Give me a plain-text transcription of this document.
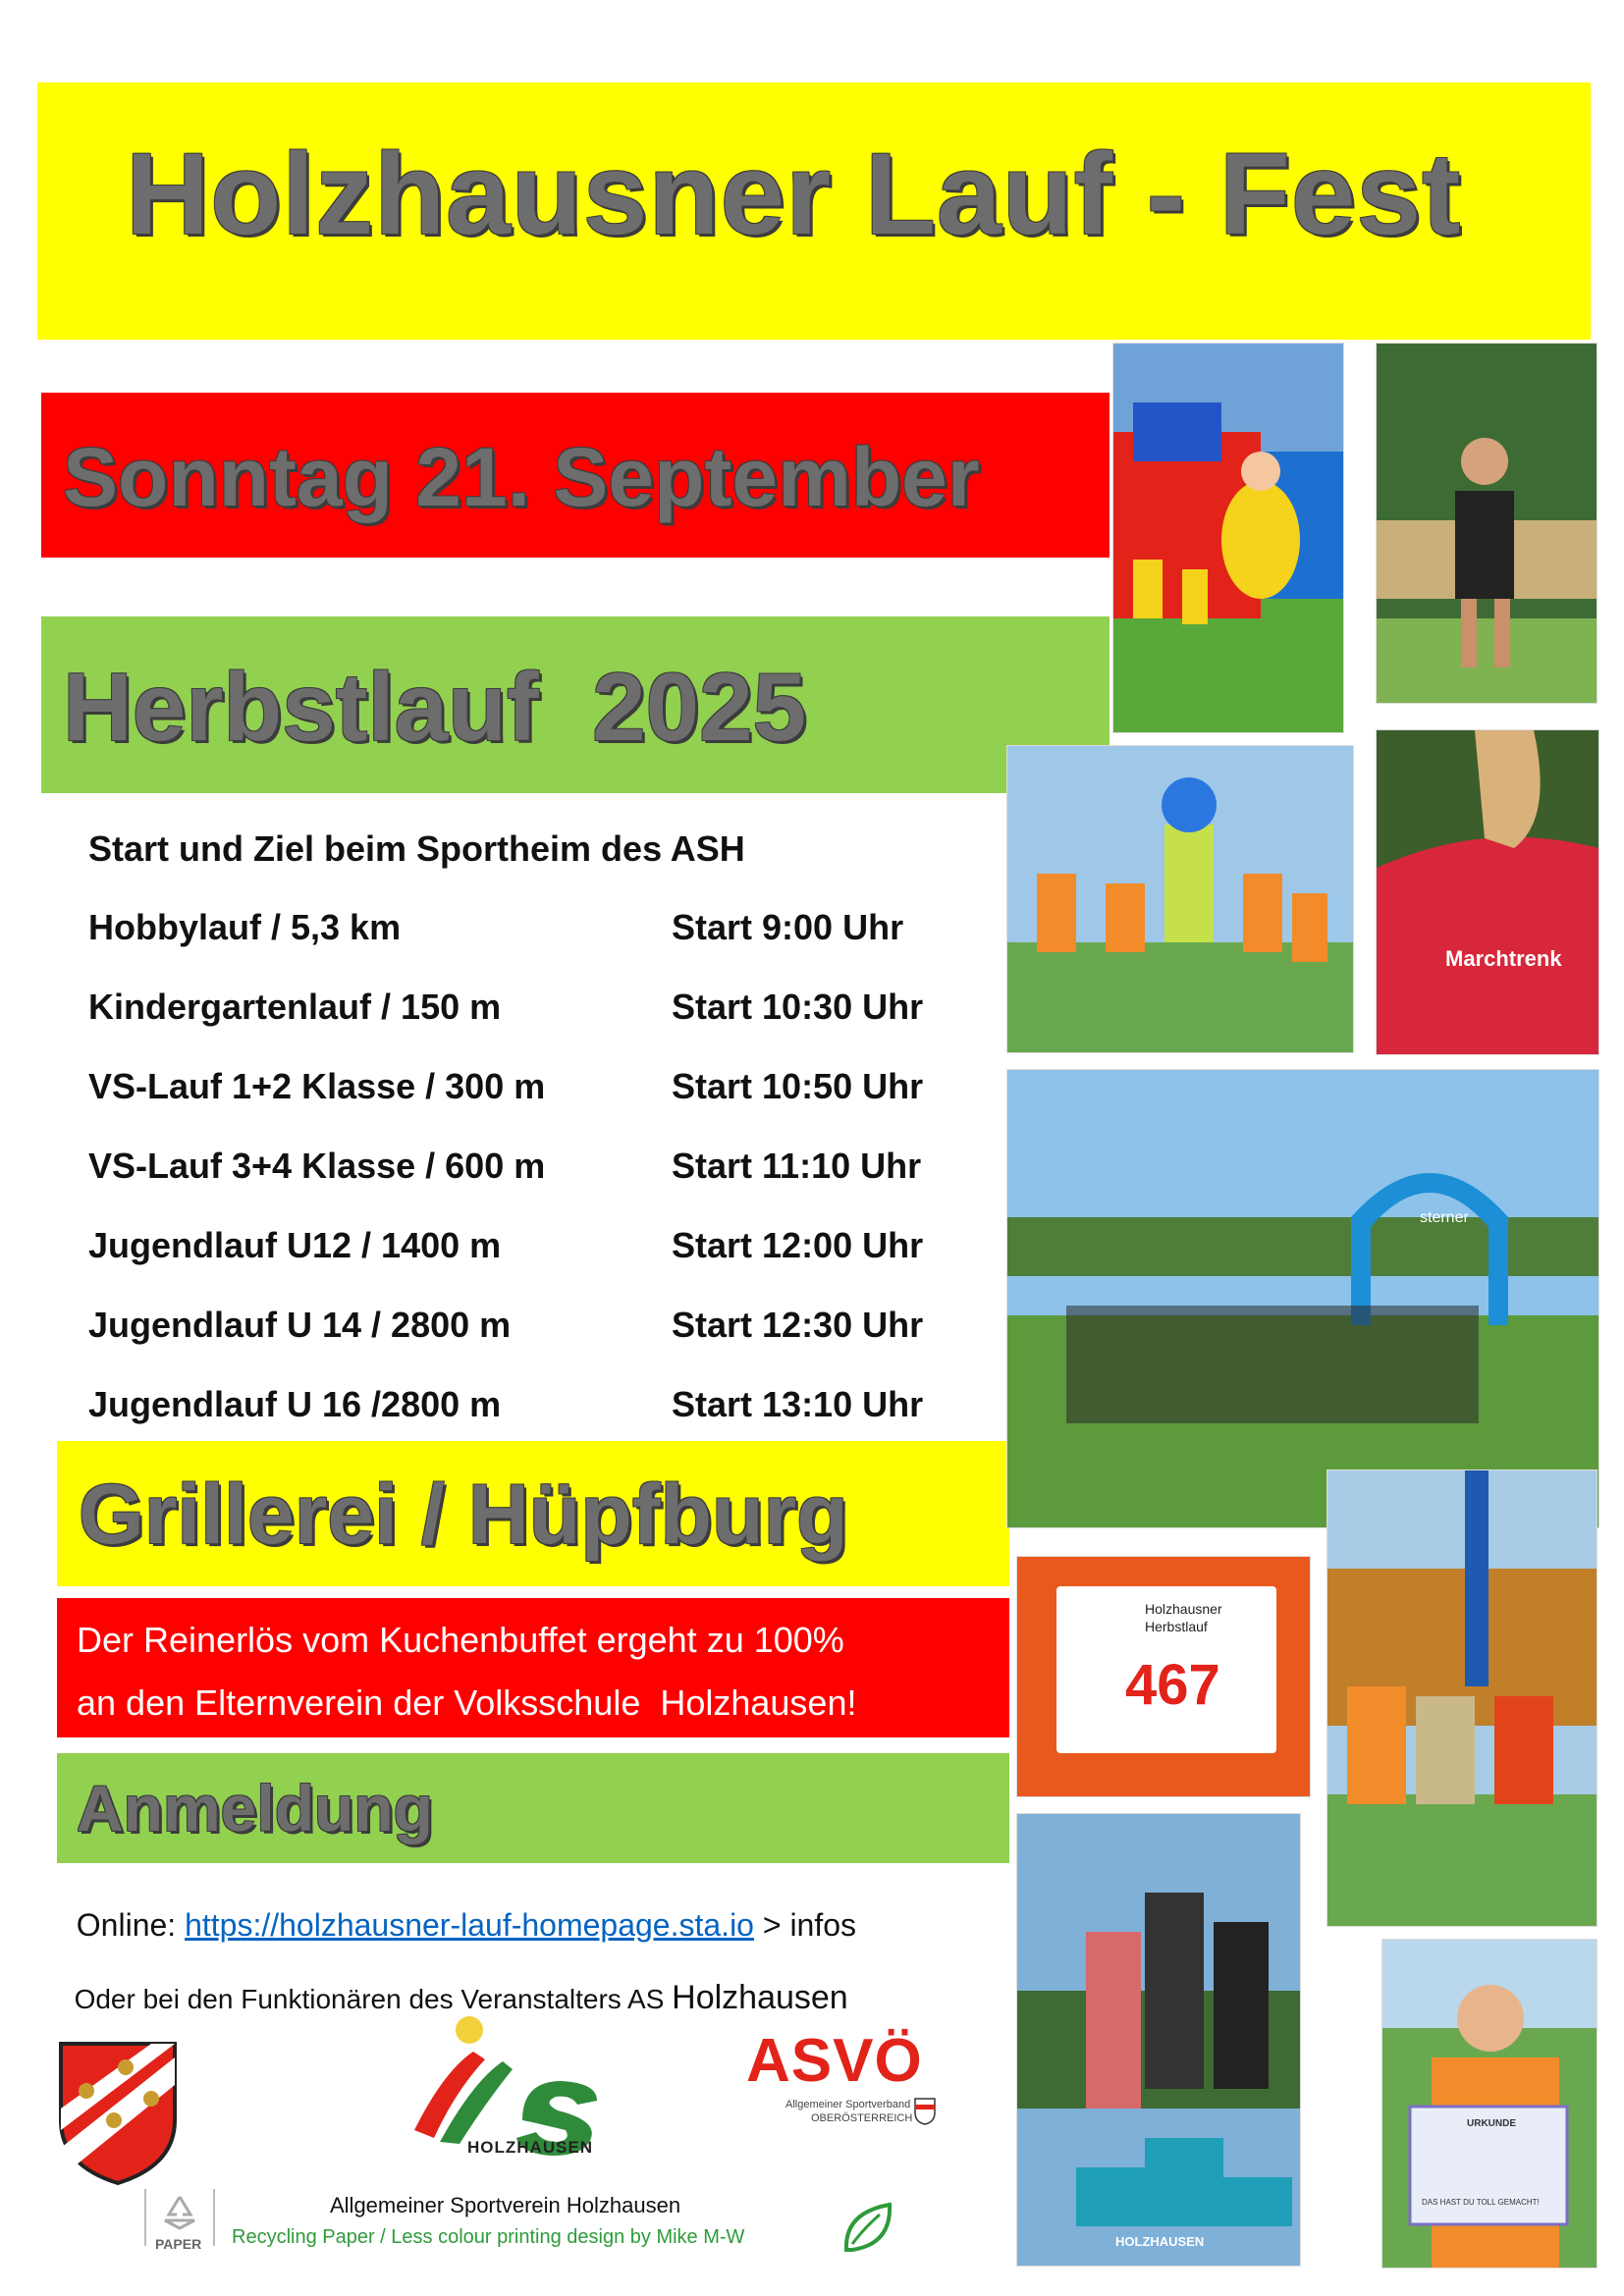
Holzhausner Lauf - Fest
Sonntag 21. September
Herbstlauf  2025
Start und Ziel beim Sportheim des ASH
Hobbylauf / 5,3 km	Start 9:00 Uhr
Kindergartenlauf / 150 m	Start 10:30 Uhr
VS-Lauf 1+2 Klasse / 300 m	Start 10:50 Uhr
VS-Lauf 3+4 Klasse / 600 m	Start 11:10 Uhr
Jugendlauf U12 / 1400 m	Start 12:00 Uhr
Jugendlauf U 14 / 2800 m	Start 12:30 Uhr
Jugendlauf U 16 /2800 m	Start 13:10 Uhr
Grillerei / Hüpfburg
Der Reinerlös vom Kuchenbuffet ergeht zu 100%
an den Elternverein der Volksschule  Holzhausen!
Anmeldung

Online: https://holzhausner-lauf-homepage.sta.io > infos

Oder bei den Funktionären des Veranstalters AS Holzhausen

HOLZHAUSEN
ASVÖ
Allgemeiner Sportverband
OBERÖSTERREICH
Allgemeiner Sportverein Holzhausen
PAPER Recycling Paper / Less colour printing design by Mike M-W
Marchtrenk
sterner
Holzhausner
Herbstlauf
467
HOLZHAUSEN
URKUNDE
DAS HAST DU TOLL GEMACHT!
